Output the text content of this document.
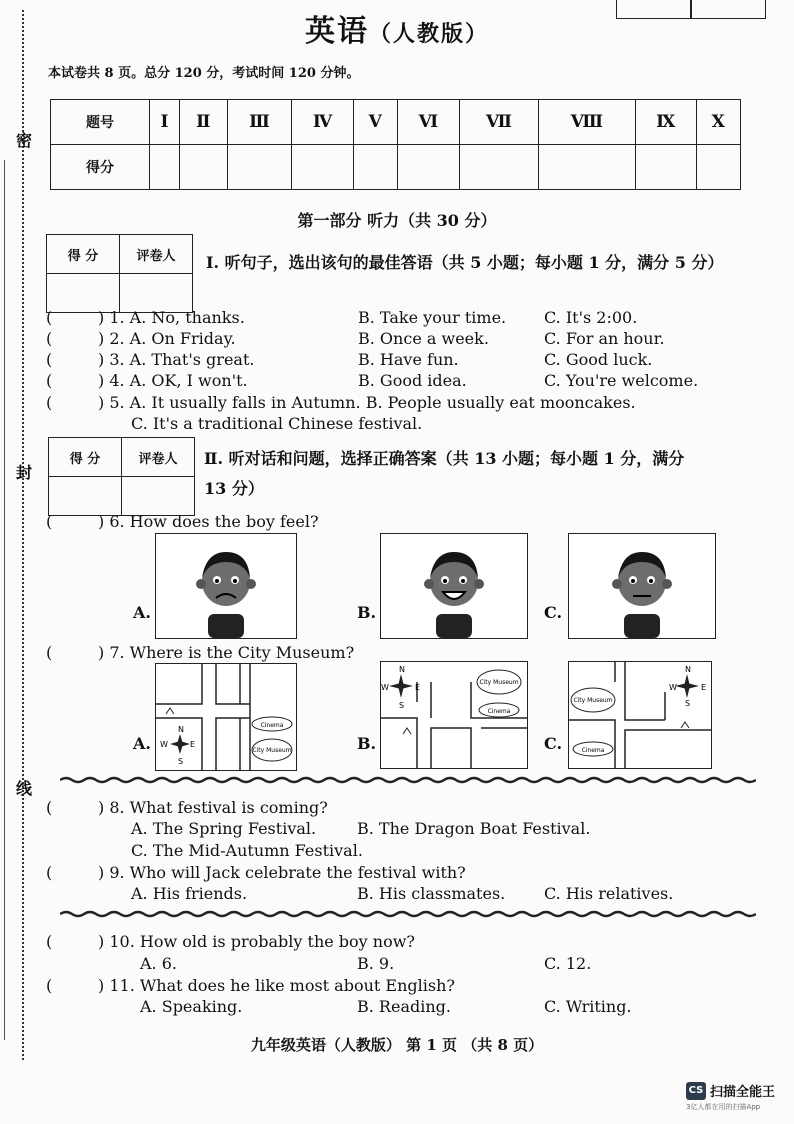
密
封
线
英语（人教版）
本试卷共 8 页。总分 120 分，考试时间 120 分钟。
题号	I	Ⅱ	Ⅲ	Ⅳ	V	Ⅵ	Ⅶ	Ⅷ	Ⅸ	X
得分										
第一部分 听力（共 30 分）
得 分	评卷人
	Ⅰ. 听句子，选出该句的最佳答语（共 5 小题；每小题 1 分，满分 5 分）
(	) 1. A. No, thanks.	B. Take your time. C. It's 2:00.
(	) 2. A. On Friday.	B. Once a week.	C. For an hour.
(	) 3. A. That's great.	B. Have fun.	C. Good luck.
(	) 4. A. OK, I won't.	B. Good idea.	C. You're welcome.
(	) 5. A. It usually falls in Autumn. B. People usually eat mooncakes.
C. It's a traditional Chinese festival.
得 分	评卷人
	Ⅱ. 听对话和问题，选择正确答案（共 13 小题；每小题 1 分，满分
13 分）
(	) 6. How does the boy feel?
A.	B.	C.
(	) 7. Where is the City Museum?
A.
N
W	E
S
Cinema
City Museum	B.
N
W	E
S
City Museum
Cinema
C.
N
W	E
S
City Museum
Cinema
(	) 8. What festival is coming?
A. The Spring Festival.	B. The Dragon Boat Festival.
C. The Mid-Autumn Festival.
(	) 9. Who will Jack celebrate the festival with?
A. His friends.	B. His classmates. C. His relatives.
(	) 10. How old is probably the boy now?
A. 6.	B. 9.	C. 12.
(	) 11. What does he like most about English?
A. Speaking.	B. Reading.	C. Writing.
九年级英语（人教版） 第 1 页 （共 8 页）
CS 扫描全能王
3亿人都在用的扫描App
